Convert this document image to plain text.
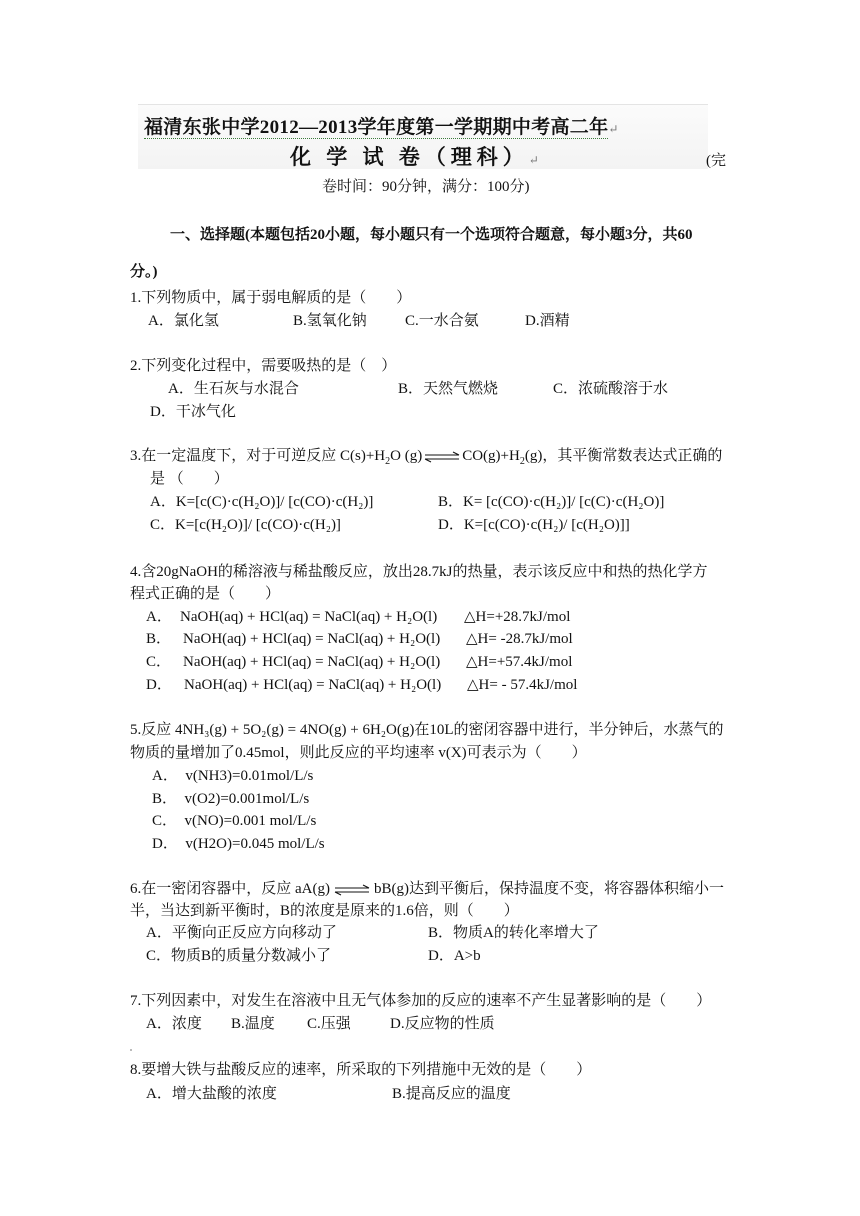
福清东张中学2012—2013学年度第一学期期中考高二年↵
化 学 试 卷（理科）↵	(完
卷时间：90分钟，满分：100分)
一、选择题(本题包括20小题，每小题只有一个选项符合题意，每小题3分，共60
分。)
1.下列物质中，属于弱电解质的是（　　）
A．氯化氢	B.氢氧化钠	C.一水合氨	D.酒精
2.下列变化过程中，需要吸热的是（　）
A．生石灰与水混合	B．天然气燃烧	C．浓硫酸溶于水
D．干冰气化
3.在一定温度下，对于可逆反应 $C(s)+H_2O$ $(g)\rightleftharpoons CO(g)+H_2(g)$，其平衡常数表达式正确的
是 （　　）
A．K=[c(C)·c(H₂O)]/ [c(CO)·c(H₂)]	B．K= [c(CO)·c(H₂)]/ [c(C)·c(H₂O)]
C．K=[c(H₂O)]/ [c(CO)·c(H₂)]	D．K=[c(CO)·c(H₂)/ [c(H₂O)]]
4.含20gNaOH的稀溶液与稀盐酸反应，放出28.7kJ的热量，表示该反应中和热的热化学方
程式正确的是（　　）
A． NaOH(aq) + HCl(aq) = NaCl(aq) + H₂O(l) △H=+28.7kJ/mol
B． NaOH(aq) + HCl(aq) = NaCl(aq) + H₂O(l) △H= -28.7kJ/mol
C． NaOH(aq) + HCl(aq) = NaCl(aq) + H₂O(l) △H=+57.4kJ/mol
D． NaOH(aq) + HCl(aq) = NaCl(aq) + H₂O(l) △H= - 57.4kJ/mol
5.反应 4NH₃(g) + 5O₂(g) = 4NO(g) + 6H₂O(g)在10L的密闭容器中进行，半分钟后，水蒸气的
物质的量增加了0.45mol，则此反应的平均速率 v(X)可表示为（　　）
A．　v(NH3)=0.01mol/L/s
B．　v(O2)=0.001mol/L/s
C．　v(NO)=0.001 mol/L/s
D．　v(H2O)=0.045 mol/L/s
6.在一密闭容器中，反应 aA(g) ⇌ bB(g)达到平衡后，保持温度不变，将容器体积缩小一
半，当达到新平衡时，B的浓度是原来的1.6倍，则（　　）
A．平衡向正反应方向移动了	B．物质A的转化率增大了
C．物质B的质量分数减小了	D．A>b
7.下列因素中，对发生在溶液中且无气体参加的反应的速率不产生显著影响的是（　　）
A．浓度 B.温度 C.压强	D.反应物的性质
8.要增大铁与盐酸反应的速率，所采取的下列措施中无效的是（　　）
A．增大盐酸的浓度	B.提高反应的温度
